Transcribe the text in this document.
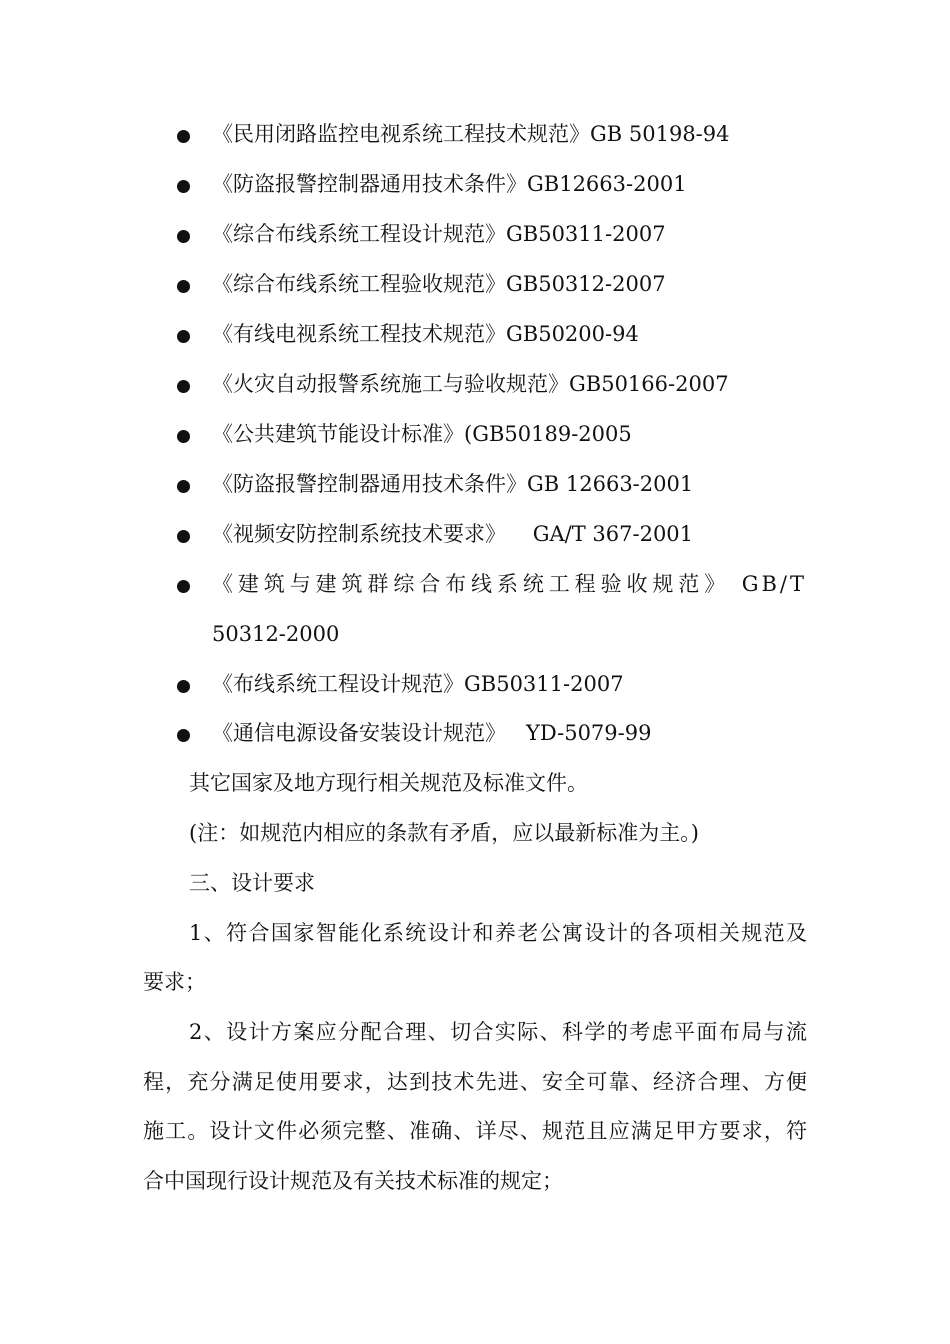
《民用闭路监控电视系统工程技术规范》GB 50198-94
《防盗报警控制器通用技术条件》GB12663-2001
《综合布线系统工程设计规范》GB50311-2007
《综合布线系统工程验收规范》GB50312-2007
《有线电视系统工程技术规范》GB50200-94
《火灾自动报警系统施工与验收规范》GB50166-2007
《公共建筑节能设计标准》(GB50189-2005
《防盗报警控制器通用技术条件》GB 12663-2001
《视频安防控制系统技术要求》    GA/T 367-2001
《建筑与建筑群综合布线系统工程验收规范》 GB/T
50312-2000
《布线系统工程设计规范》GB50311-2007
《通信电源设备安装设计规范》   YD-5079-99
其它国家及地方现行相关规范及标准文件。
(注：如规范内相应的条款有矛盾，应以最新标准为主。)
三、设计要求
1、符合国家智能化系统设计和养老公寓设计的各项相关规范及
要求；
2、设计方案应分配合理、切合实际、科学的考虑平面布局与流
程，充分满足使用要求，达到技术先进、安全可靠、经济合理、方便
施工。设计文件必须完整、准确、详尽、规范且应满足甲方要求，符
合中国现行设计规范及有关技术标准的规定；
